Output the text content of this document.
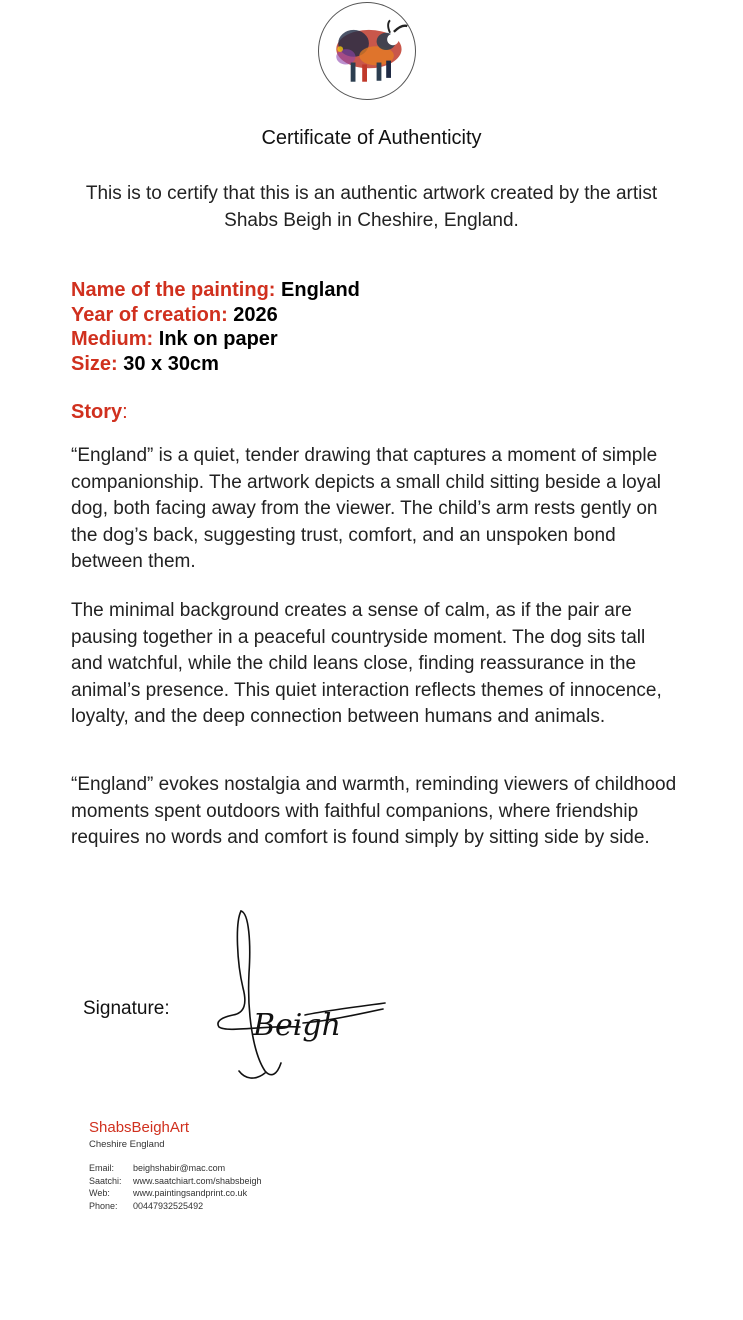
Certificate of Authenticity
This is to certify that this is an authentic artwork created by the artist Shabs Beigh in Cheshire, England.
Name of the painting: England
Year of creation: 2026
Medium: Ink on paper
Size: 30 x 30cm
Story:
“England” is a quiet, tender drawing that captures a moment of simple companionship. The artwork depicts a small child sitting beside a loyal dog, both facing away from the viewer. The child’s arm rests gently on the dog’s back, suggesting trust, comfort, and an unspoken bond between them.
The minimal background creates a sense of calm, as if the pair are pausing together in a peaceful countryside moment. The dog sits tall and watchful, while the child leans close, finding reassurance in the animal’s presence. This quiet interaction reflects themes of innocence, loyalty, and the deep connection between humans and animals.
“England” evokes nostalgia and warmth, reminding viewers of childhood moments spent outdoors with faithful companions, where friendship requires no words and comfort is found simply by sitting side by side.
Signature:	Beigh
ShabsBeighArt
Cheshire England
Email: beighshabir@mac.com
Saatchi: www.saatchiart.com/shabsbeigh
Web:	www.paintingsandprint.co.uk
Phone: 00447932525492
